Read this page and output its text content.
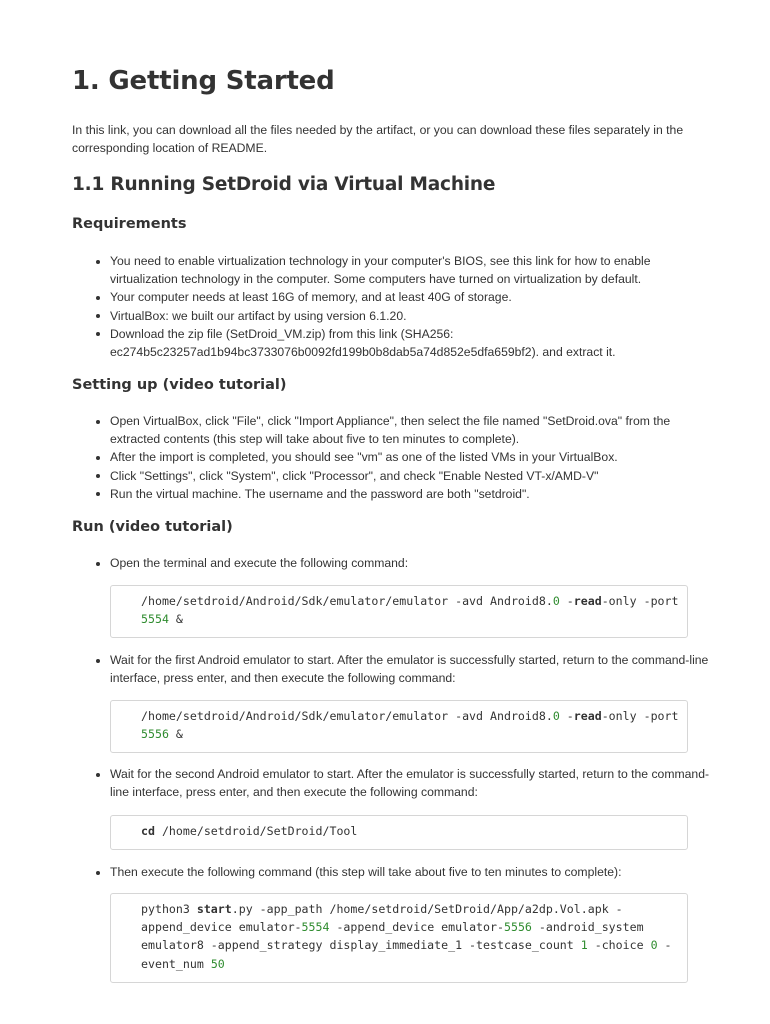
1. Getting Started

In this link, you can download all the files needed by the artifact, or you can download these files separately in the corresponding location of README.

1.1 Running SetDroid via Virtual Machine
Requirements
You need to enable virtualization technology in your computer's BIOS, see this link for how to enable virtualization technology in the computer. Some computers have turned on virtualization by default.
Your computer needs at least 16G of memory, and at least 40G of storage.
VirtualBox: we built our artifact by using version 6.1.20.
Download the zip file (SetDroid_VM.zip) from this link (SHA256: ec274b5c23257ad1b94bc3733076b0092fd199b0b8dab5a74d852e5dfa659bf2). and extract it.
Setting up (video tutorial)
Open VirtualBox, click "File", click "Import Appliance", then select the file named "SetDroid.ova" from the extracted contents (this step will take about five to ten minutes to complete).
After the import is completed, you should see "vm" as one of the listed VMs in your VirtualBox.
Click "Settings", click "System", click "Processor", and check "Enable Nested VT-x/AMD-V"
Run the virtual machine. The username and the password are both "setdroid".
Run (video tutorial)
Open the terminal and execute the following command:
/home/setdroid/Android/Sdk/emulator/emulator -avd Android8.0 -read-only -port
5554 &
Wait for the first Android emulator to start. After the emulator is successfully started, return to the command-line interface, press enter, and then execute the following command:
/home/setdroid/Android/Sdk/emulator/emulator -avd Android8.0 -read-only -port
5556 &
Wait for the second Android emulator to start. After the emulator is successfully started, return to the command-line interface, press enter, and then execute the following command:
cd /home/setdroid/SetDroid/Tool
Then execute the following command (this step will take about five to ten minutes to complete):
python3 start.py -app_path /home/setdroid/SetDroid/App/a2dp.Vol.apk -
append_device emulator-5554 -append_device emulator-5556 -android_system
emulator8 -append_strategy display_immediate_1 -testcase_count 1 -choice 0 -
event_num 50
